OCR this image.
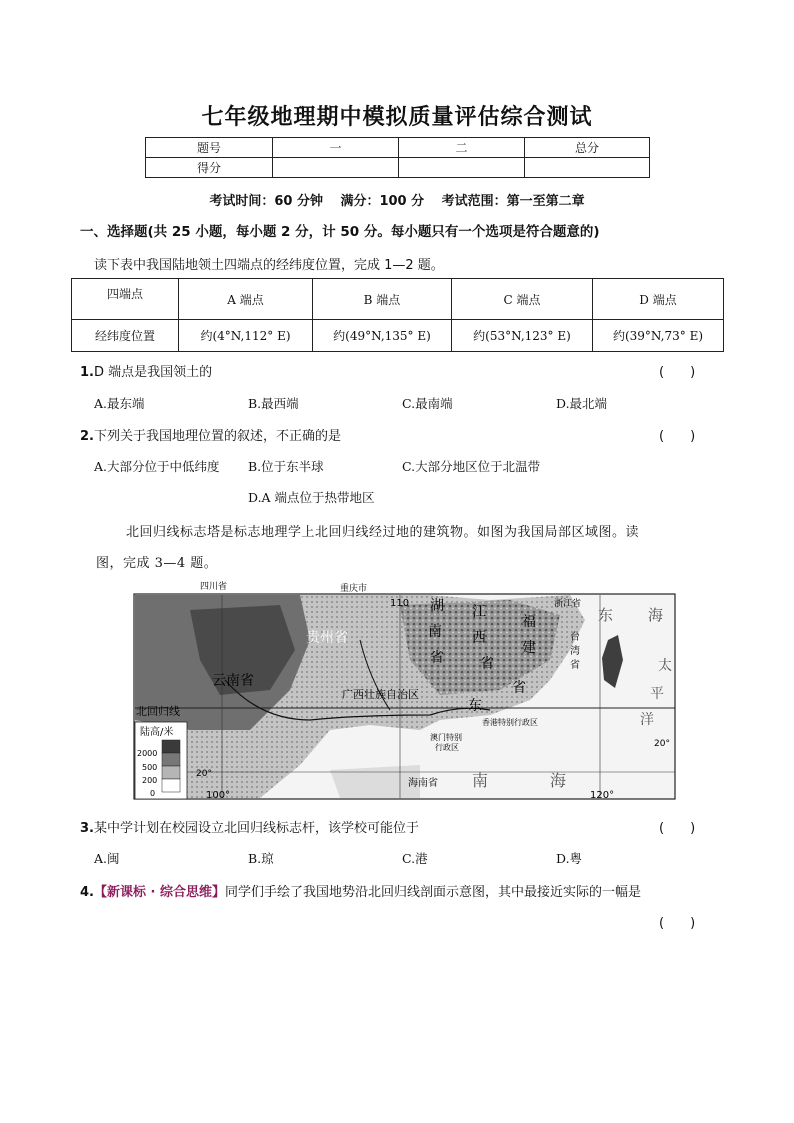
七年级地理期中模拟质量评估综合测试
题号	一	二	总分
得分			
考试时间：60 分钟　 满分：100 分　 考试范围：第一至第二章
一、选择题(共 25 小题，每小题 2 分，计 50 分。每小题只有一个选项是符合题意的)
读下表中我国陆地领土四端点的经纬度位置，完成 1—2 题。
四端点	A 端点	B 端点	C 端点	D 端点
经纬度位置	约(4°N,112° E)	约(49°N,135° E)	约(53°N,123° E)	约(39°N,73° E)
1.D 端点是我国领土的	(　　)
A.最东端	B.最西端	C.最南端	D.最北端
2.下列关于我国地理位置的叙述，不正确的是	(　　)
A.大部分位于中低纬度 B.位于东半球	C.大部分地区位于北温带
D.A 端点位于热带地区
北回归线标志塔是标志地理学上北回归线经过地的建筑物。如图为我国局部区域图。读
图，完成 3—4 题。
四川省	重庆市
浙江省
贵州省
云南省
广西壮族自治区
湖
南
省
江
西
省
福
建
省
东
香港特别行政区
澳门特别
行政区
海南省
东 海
台
湾
省	太
平
洋
南	海
北回归线
100°
110
120°
20°
20°
陆高/米
2000
500
200
0
3.某中学计划在校园设立北回归线标志杆，该学校可能位于	(　　)
A.闽	B.琼	C.港	D.粤
4.【新课标 · 综合思维】同学们手绘了我国地势沿北回归线剖面示意图，其中最接近实际的一幅是
(　　)
